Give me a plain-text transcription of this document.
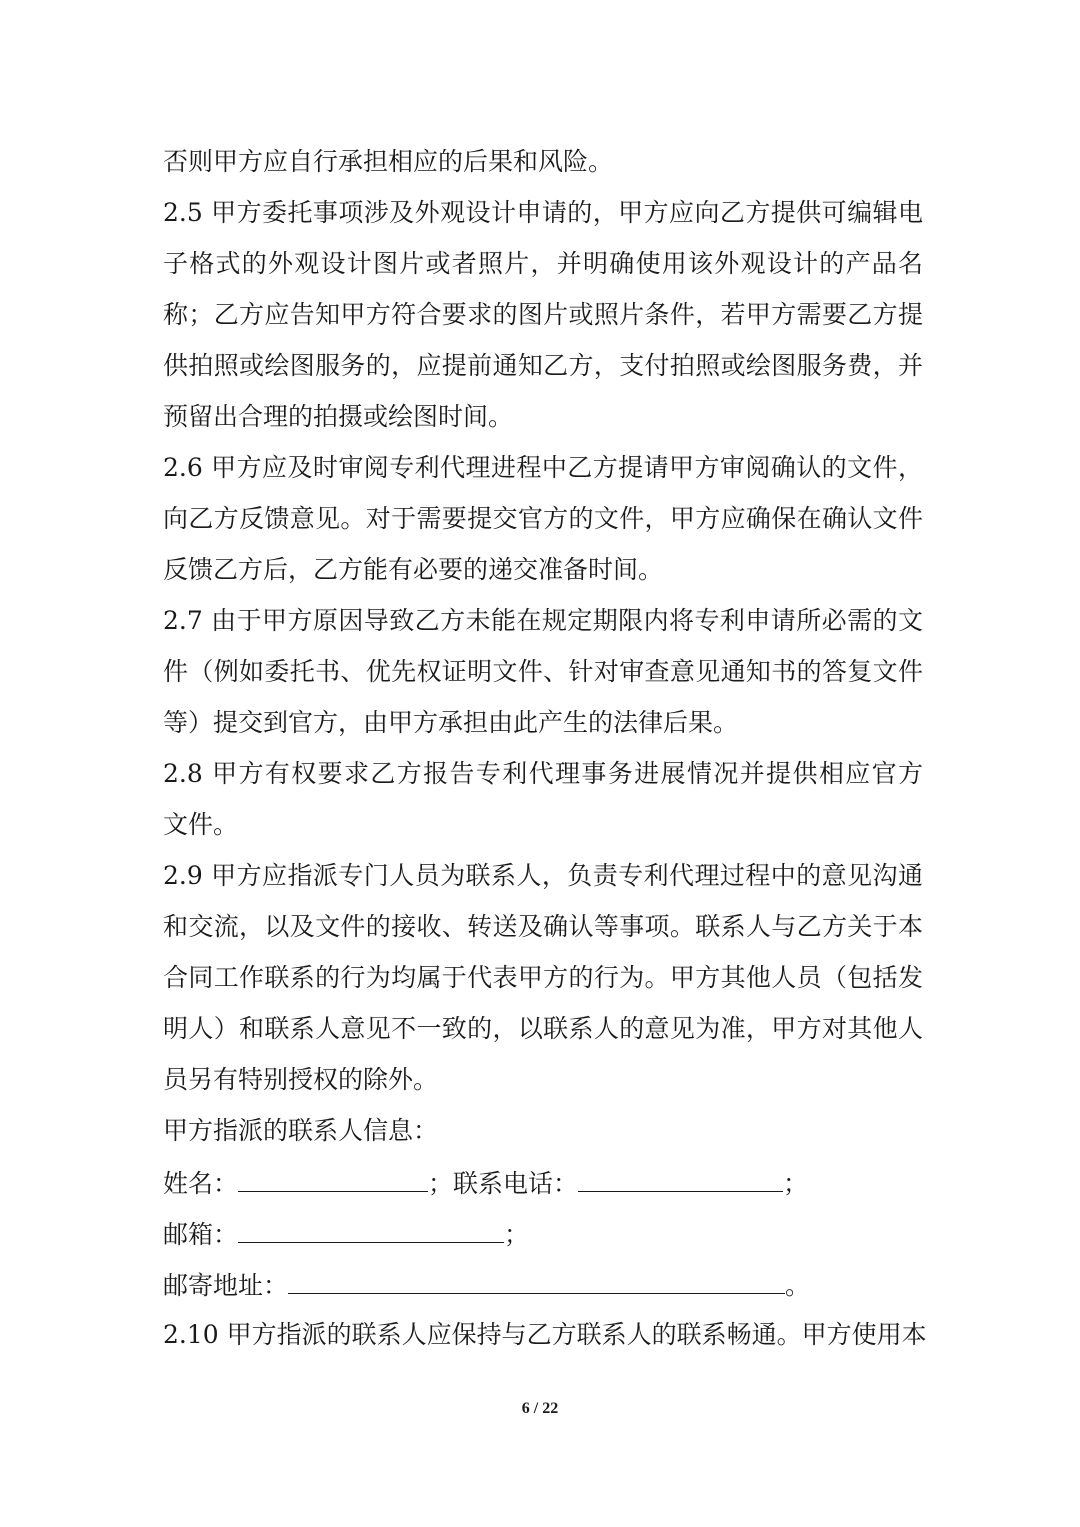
否则甲方应自行承担相应的后果和风险。
2.5 甲方委托事项涉及外观设计申请的，甲方应向乙方提供可编辑电
子格式的外观设计图片或者照片，并明确使用该外观设计的产品名
称；乙方应告知甲方符合要求的图片或照片条件，若甲方需要乙方提
供拍照或绘图服务的，应提前通知乙方，支付拍照或绘图服务费，并
预留出合理的拍摄或绘图时间。
2.6 甲方应及时审阅专利代理进程中乙方提请甲方审阅确认的文件，
向乙方反馈意见。对于需要提交官方的文件，甲方应确保在确认文件
反馈乙方后，乙方能有必要的递交准备时间。
2.7 由于甲方原因导致乙方未能在规定期限内将专利申请所必需的文
件（例如委托书、优先权证明文件、针对审查意见通知书的答复文件
等）提交到官方，由甲方承担由此产生的法律后果。
2.8 甲方有权要求乙方报告专利代理事务进展情况并提供相应官方
文件。
2.9 甲方应指派专门人员为联系人，负责专利代理过程中的意见沟通
和交流，以及文件的接收、转送及确认等事项。联系人与乙方关于本
合同工作联系的行为均属于代表甲方的行为。甲方其他人员（包括发
明人）和联系人意见不一致的，以联系人的意见为准，甲方对其他人
员另有特别授权的除外。
甲方指派的联系人信息：
姓名：	；联系电话：	；
邮箱：	；
邮寄地址：	。
2.10 甲方指派的联系人应保持与乙方联系人的联系畅通。甲方使用本
6 / 22
